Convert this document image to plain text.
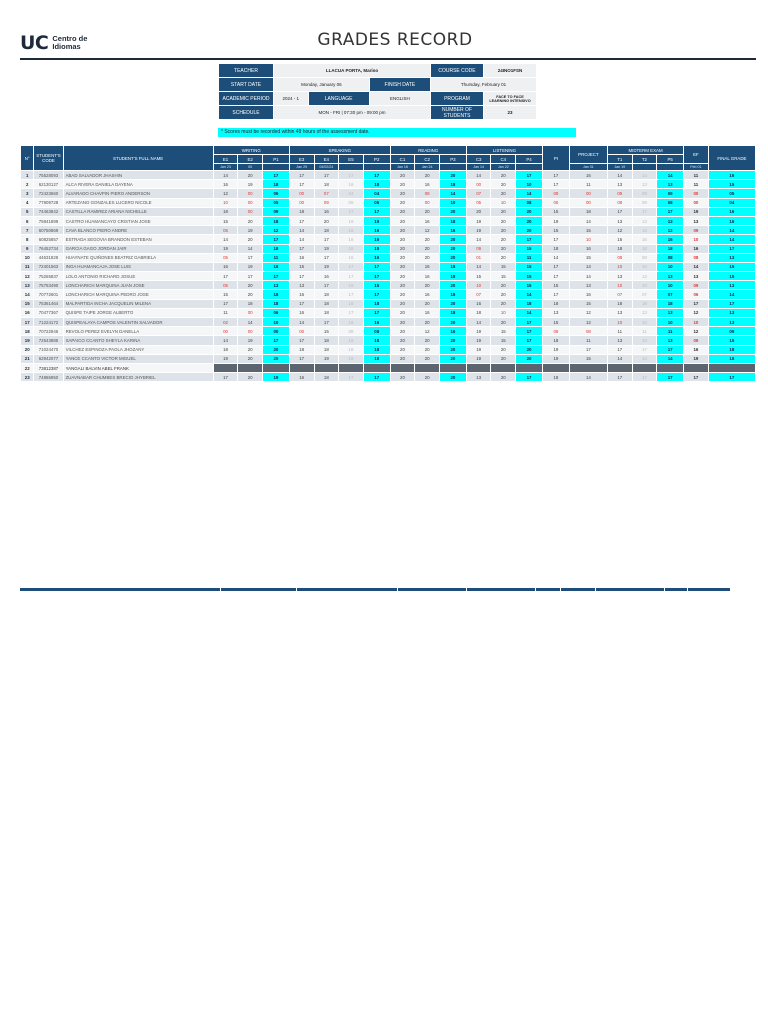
UC Centro de
Idiomas	GRADES RECORD
TEACHER	LLACUA PORTA, Marino			COURSE CODE	24INO1FSN
START DATE	Monday, January 06		FINISH DATE	Thursday, February 01	
ACADEMIC PERIOD	2024 - 1	LANGUAGE	ENGLISH	PROGRAM	FACE TO FACE LEARNING INTENSIVO
SCHEDULE	MON - FRI | 07:30 pm - 09:00 pm			NUMBER OF STUDENTS	23
* Scores must be recorded within 48 hours of the assessment date.
N°	STUDENT'S CODE	STUDENT'S FULL NAME	WRITING			SPEAKING				READING			LISTENING			PI	PROJECT	MIDTERM EXAM			EF	FINAL GRADE
			E1	E2	P1	E3	E4	E5	P2	C1	C2	P3	C3	C4	P4			T1	T2	P5		
			Jan 23	05		Jan 29	04/02/24			Jan 18	Jan 24		Jan 14	Jan 22			Jan 31	Jan 19			Feb 01	
1	75528093	ABAD SALVADOR JHASHIN	14	20	17	17	17	17	17	20	20	20	14	20	17	17	16	14	14	14	11	16
2	62130127	ALCA RIVERA DANIELA DAYENA	16	19	18	17	18	16	18	20	16	18	00	20	10	17	11	13	13	13	11	15
3	72423660	ALVARADO CHAVPIN PIERO ANDERSON	12	00	06	00	07	04	04	20	08	14	07	20	14	08	00	09	09	09	00	05
4	77909728	ARTEZANO GONZALES LUCERO NICOLE	10	00	05	00	09	05	05	20	00	10	05	10	08	06	00	08	08	08	00	04
5	74463842	CASTILLA RAMIREZ ARIANA NICHELLE	18	00	09	18	16	17	17	20	20	20	20	20	20	15	18	17	17	17	19	16
6	75841899	CASTRO HUAMANCAYO CRISTIAN JOSE	15	20	18	17	20	19	19	20	16	18	19	20	20	19	14	13	13	13	13	16
7	60750869	CAVA BLANCO PIERO ANDRE	05	19	12	14	18	16	16	20	12	16	19	20	20	15	15	12	12	12	09	14
8	60825857	ESTRADA SEGOVIA BRANDON ESTEBAN	14	20	17	14	17	16	16	20	20	20	14	20	17	17	10	16	16	16	10	14
9	76452734	GARCIA GAGO JORDAN JAIR	19	14	18	17	19	18	18	20	20	20	09	20	15	18	16	18	18	18	16	17
10	44631829	HUAYNATE QUIÑONES BEATRIZ GABRIELA	05	17	11	16	17	16	16	20	20	20	01	20	11	14	15	08	08	08	08	13
11	72401563	INGA HUAMANCAJA JOSE LUIS	16	19	18	15	19	17	17	20	16	18	14	15	15	17	14	10	10	10	14	15
12	75265837	LOLO ANTONIO RICHARD JOSUE	17	17	17	17	16	17	17	20	16	18	15	15	15	17	14	13	13	13	13	15
13	75753490	LONCHARICH MARQUINA JUAN JOSE	05	20	13	13	17	15	15	20	20	20	10	20	15	15	13	10	10	10	09	13
14	70772601	LONCHARICH MARQUINA PEDRO JOSE	15	20	18	16	18	17	17	20	16	18	07	20	14	17	16	07	07	07	06	14
15	75361464	MALPARTIDA INCHA JACQUELIN MILENA	17	18	18	17	18	18	18	20	20	20	16	20	18	18	15	18	18	18	17	17
16	70477367	QUISPE TAIPE JORGE ALBERTO	11	00	06	16	18	17	17	20	16	18	18	10	14	13	12	13	13	13	12	13
17	71224172	QUISPEALAYA CAMPOS VALENTIN SALVADOR	02	14	10	14	17	16	16	20	20	20	14	20	17	15	12	10	10	10	10	13
18	70722946	REVOLO PEREZ EVELYN DANELLA	00	00	00	00	15	08	08	20	12	16	19	15	17	08	08	11	11	11	12	09
19	72543885	SAPAICO CCANTO SHEYLA KARINA	14	19	17	17	18	18	18	20	20	20	19	15	17	18	11	13	13	13	09	15
20	71024470	VILCHEZ ESPINOZA PAOLA JHOZANY	18	20	20	18	18	18	18	20	20	20	19	20	20	19	17	17	17	17	16	18
21	62942077	YANCE CCANTO VICTOR MIGUEL	19	20	20	17	19	18	18	20	20	20	19	20	20	19	15	14	14	14	19	18
22	73812387	YANGALI BALVIN ABEL FRANK																				
23	74886950	ZUAVNABAR CHUMBES BRECIO JHYBRIEL	17	20	19	16	18	17	17	20	20	20	13	20	17	18	14	17	17	17	17	17
